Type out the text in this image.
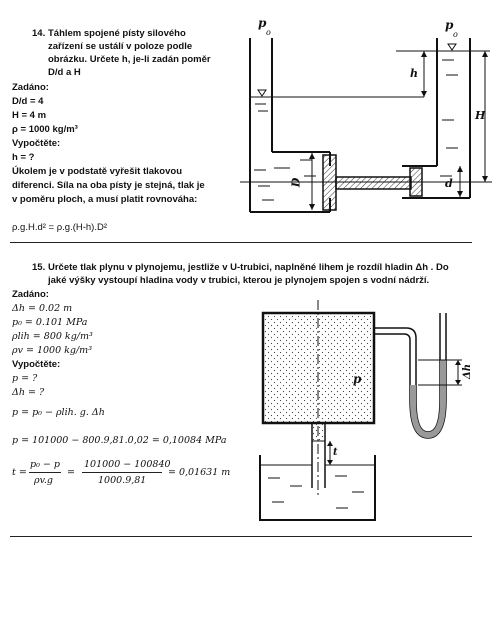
14. Táhlem spojené písty silového
zařízení se ustálí v poloze podle
obrázku. Určete h, je-li zadán poměr
D/d a H
Zadáno:
D/d = 4
H = 4 m
ρ = 1000 kg/m³
Vypočtěte:
h = ?
Úkolem je v podstatě vyřešit tlakovou
diferenci. Síla na oba písty je stejná, tlak je
v poměru ploch, a musí platit rovnováha:
ρ.g.H.d² = ρ.g.(H-h).D²
p
o
p
o
h
H
D	d
15. Určete tlak plynu v plynojemu, jestliže v U-trubici, naplněné lihem je rozdíl hladin Δh . Do
jaké výšky vystoupí hladina vody v trubici, kterou je plynojem spojen s vodní nádrží.
Zadáno:
Δh = 0.02 m
p₀ = 0.101 MPa
ρlih = 800 kg/m³
ρv = 1000 kg/m³
Vypočtěte:
p = ?
Δh = ?
p = p₀ − ρlih. g. Δh
p = 101000 − 800.9,81.0,02 = 0,10084 MPa
t =
p₀ − p
ρv.g
=
101000 − 100840
1000.9,81
= 0,01631 m
p	Δh
t
